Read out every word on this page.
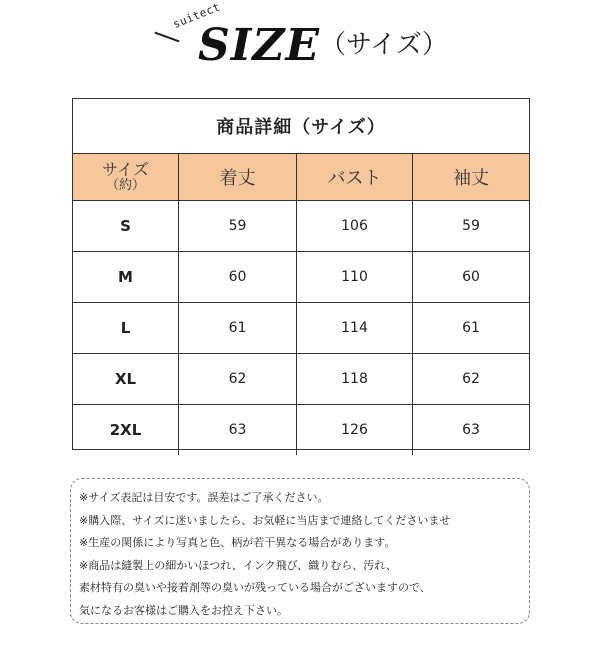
suitect
SIZE （サイズ）
商品詳細（サイズ）
サイズ
（約）	着丈	バスト	袖丈
S	59	106	59
M	60	110	60
L	61	114	61
XL	62	118	62
2XL	63	126	63
※サイズ表記は目安です。誤差はご了承ください。
※購入際、サイズに迷いましたら、お気軽に当店まで連絡してくださいませ
※生産の関係により写真と色、柄が若干異なる場合があります。
※商品は縫製上の細かいほつれ、インク飛び、織りむら、汚れ、
素材特有の臭いや接着剤等の臭いが残っている場合がございますので、
気になるお客様はご購入をお控え下さい。
